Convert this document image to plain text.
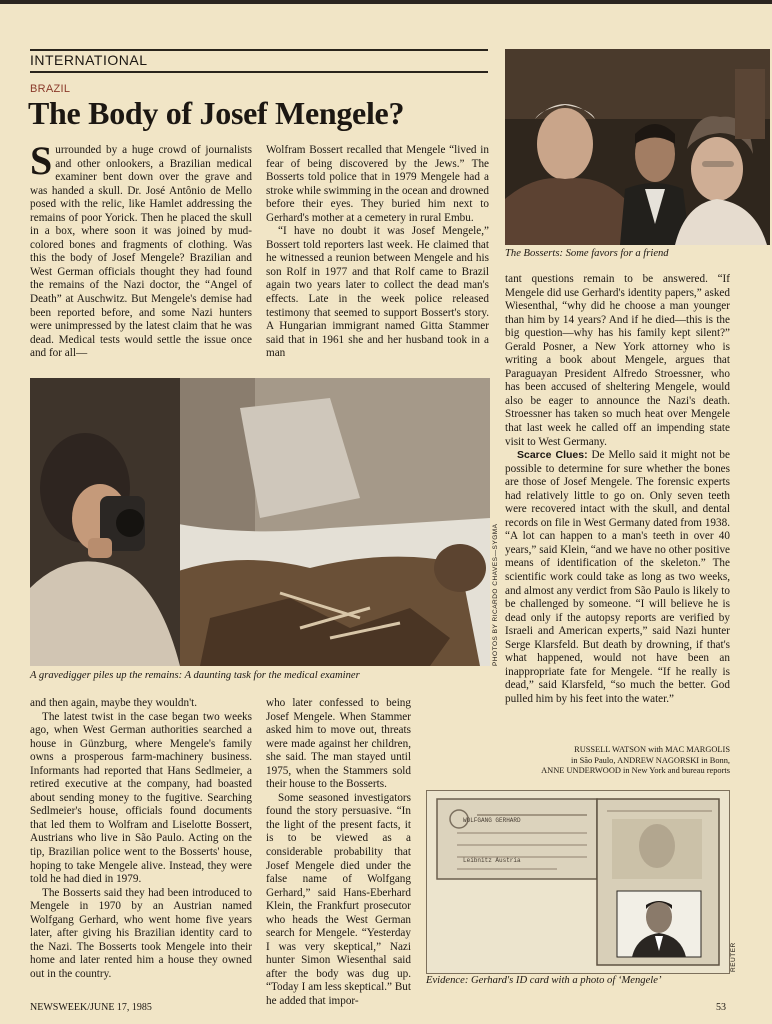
INTERNATIONAL
BRAZIL
The Body of Josef Mengele?

Surrounded by a huge crowd of journalists and other onlookers, a Brazilian medical examiner bent down over the grave and was handed a skull. Dr. José Antônio de Mello posed with the relic, like Hamlet addressing the remains of poor Yorick. Then he placed the skull in a box, where soon it was joined by mud-colored bones and fragments of clothing. Was this the body of Josef Mengele? Brazilian and West German officials thought they had found the remains of the Nazi doctor, the “Angel of Death” at Auschwitz. But Mengele's demise had been reported before, and some Nazi hunters were unimpressed by the latest claim that he was dead. Medical tests would settle the issue once and for all—

Wolfram Bossert recalled that Mengele “lived in fear of being discovered by the Jews.” The Bosserts told police that in 1979 Mengele had a stroke while swimming in the ocean and drowned before their eyes. They buried him next to Gerhard's mother at a cemetery in rural Embu.

“I have no doubt it was Josef Mengele,” Bossert told reporters last week. He claimed that he witnessed a reunion between Mengele and his son Rolf in 1977 and that Rolf came to Brazil again two years later to collect the dead man's effects. Late in the week police released testimony that seemed to support Bossert's story. A Hungarian immigrant named Gitta Stammer said that in 1961 she and her husband took in a man

The Bosserts: Some favors for a friend
PHOTOS BY RICARDO CHAVES—SYGMA
A gravedigger piles up the remains: A daunting task for the medical examiner

tant questions remain to be answered. “If Mengele did use Gerhard's identity papers,” asked Wiesenthal, “why did he choose a man younger than him by 14 years? And if he died—this is the big question—why has his family kept silent?” Gerald Posner, a New York attorney who is writing a book about Mengele, argues that Paraguayan President Alfredo Stroessner, who has been accused of sheltering Mengele, would also be eager to announce the Nazi's death. Stroessner has taken so much heat over Mengele that last week he called off an impending state visit to West Germany.

Scarce Clues: De Mello said it might not be possible to determine for sure whether the bones are those of Josef Mengele. The forensic experts had relatively little to go on. Only seven teeth were recovered intact with the skull, and dental records on file in West Germany dated from 1938. “A lot can happen to a man's teeth in over 40 years,” said Klein, “and we have no other positive means of identification of the skeleton.” The scientific work could take as long as two weeks, and almost any verdict from São Paulo is likely to be challenged by someone. “I will believe he is dead only if the autopsy reports are verified by Israeli and American experts,” said Nazi hunter Serge Klarsfeld. But death by drowning, if that's what happened, would not have been an inappropriate fate for Mengele. “If he really is dead,” said Klarsfeld, “so much the better. God pulled him by his feet into the water.”

RUSSELL WATSON with MAC MARGOLIS
in São Paulo, ANDREW NAGORSKI in Bonn,
ANNE UNDERWOOD in New York and bureau reports

and then again, maybe they wouldn't.

The latest twist in the case began two weeks ago, when West German authorities searched a house in Günzburg, where Mengele's family owns a prosperous farm-machinery business. Informants had reported that Hans Sedlmeier, a retired executive at the company, had boasted about sending money to the fugitive. Searching Sedlmeier's house, officials found documents that led them to Wolfram and Liselotte Bossert, Austrians who live in São Paulo. Acting on the tip, Brazilian police went to the Bosserts' house, hoping to take Mengele alive. Instead, they were told he had died in 1979.

The Bosserts said they had been introduced to Mengele in 1970 by an Austrian named Wolfgang Gerhard, who went home five years later, after giving his Brazilian identity card to the Nazi. The Bosserts took Mengele into their home and later rented him a house they owned out in the country.

who later confessed to being Josef Mengele. When Stammer asked him to move out, threats were made against her children, she said. The man stayed until 1975, when the Stammers sold their house to the Bosserts.

Some seasoned investigators found the story persuasive. “In the light of the present facts, it is to be viewed as a considerable probability that Josef Mengele died under the false name of Wolfgang Gerhard,” said Hans-Eberhard Klein, the Frankfurt prosecutor who heads the West German search for Mengele. “Yesterday I was very skeptical,” Nazi hunter Simon Wiesenthal said after the body was dug up. “Today I am less skeptical.” But he added that impor-

WOLFGANG GERHARD
Leibnitz Austria
REUTER
Evidence: Gerhard's ID card with a photo of ‘Mengele’
NEWSWEEK/JUNE 17, 1985	53
